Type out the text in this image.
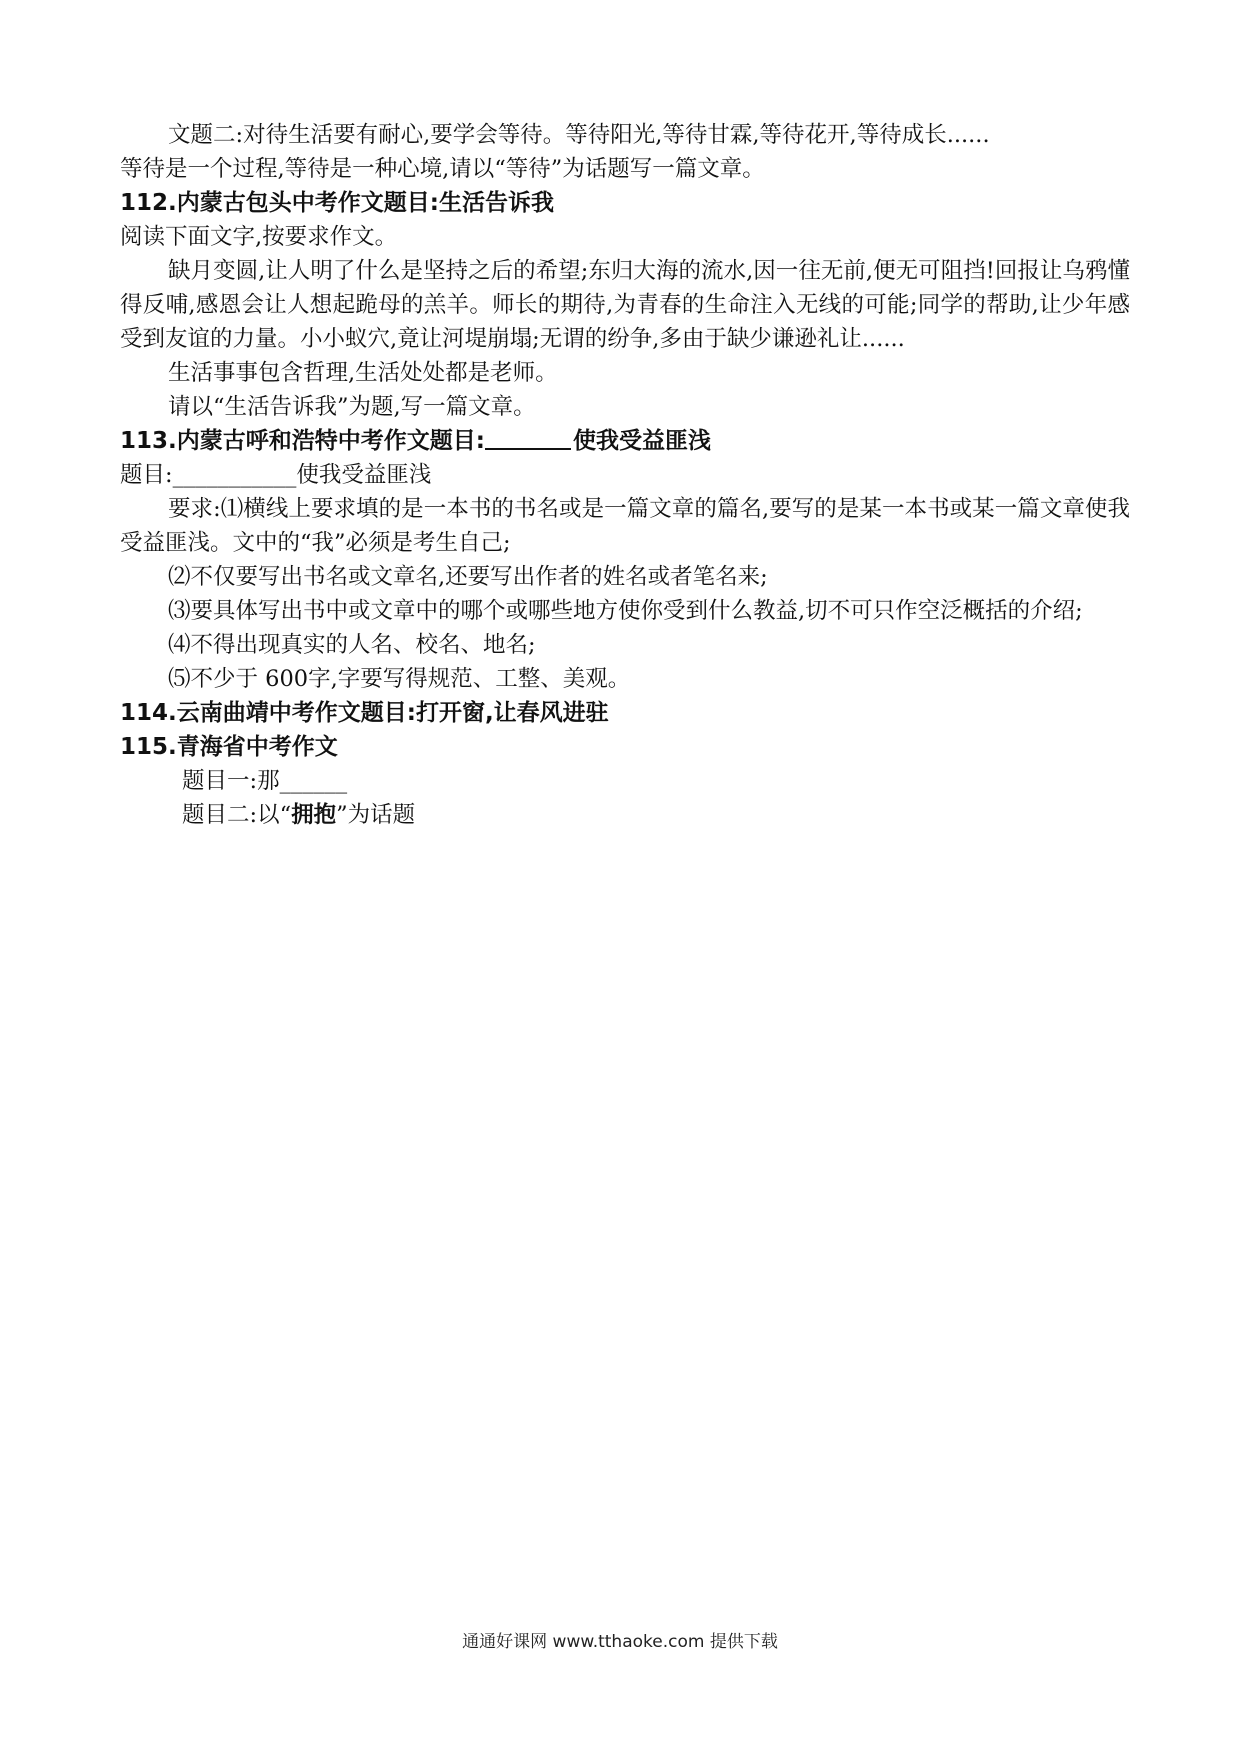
文题二:对待生活要有耐心,要学会等待。等待阳光,等待甘霖,等待花开,等待成长......

等待是一个过程,等待是一种心境,请以“等待”为话题写一篇文章。

112.内蒙古包头中考作文题目:生活告诉我

阅读下面文字,按要求作文。

缺月变圆,让人明了什么是坚持之后的希望;东归大海的流水,因一往无前,便无可阻挡!回报让乌鸦懂得反哺,感恩会让人想起跪母的羔羊。师长的期待,为青春的生命注入无线的可能;同学的帮助,让少年感受到友谊的力量。小小蚁穴,竟让河堤崩塌;无谓的纷争,多由于缺少谦逊礼让......

生活事事包含哲理,生活处处都是老师。

请以“生活告诉我”为题,写一篇文章。

113.内蒙古呼和浩特中考作文题目:	使我受益匪浅

题目:___________使我受益匪浅

要求:⑴横线上要求填的是一本书的书名或是一篇文章的篇名,要写的是某一本书或某一篇文章使我受益匪浅。文中的“我”必须是考生自己;

⑵不仅要写出书名或文章名,还要写出作者的姓名或者笔名来;

⑶要具体写出书中或文章中的哪个或哪些地方使你受到什么教益,切不可只作空泛概括的介绍;

⑷不得出现真实的人名、校名、地名;

⑸不少于 600字,字要写得规范、工整、美观。

114.云南曲靖中考作文题目:打开窗,让春风进驻

115.青海省中考作文

题目一:那______

题目二:以“拥抱”为话题

通通好课网 www.tthaoke.com 提供下载
